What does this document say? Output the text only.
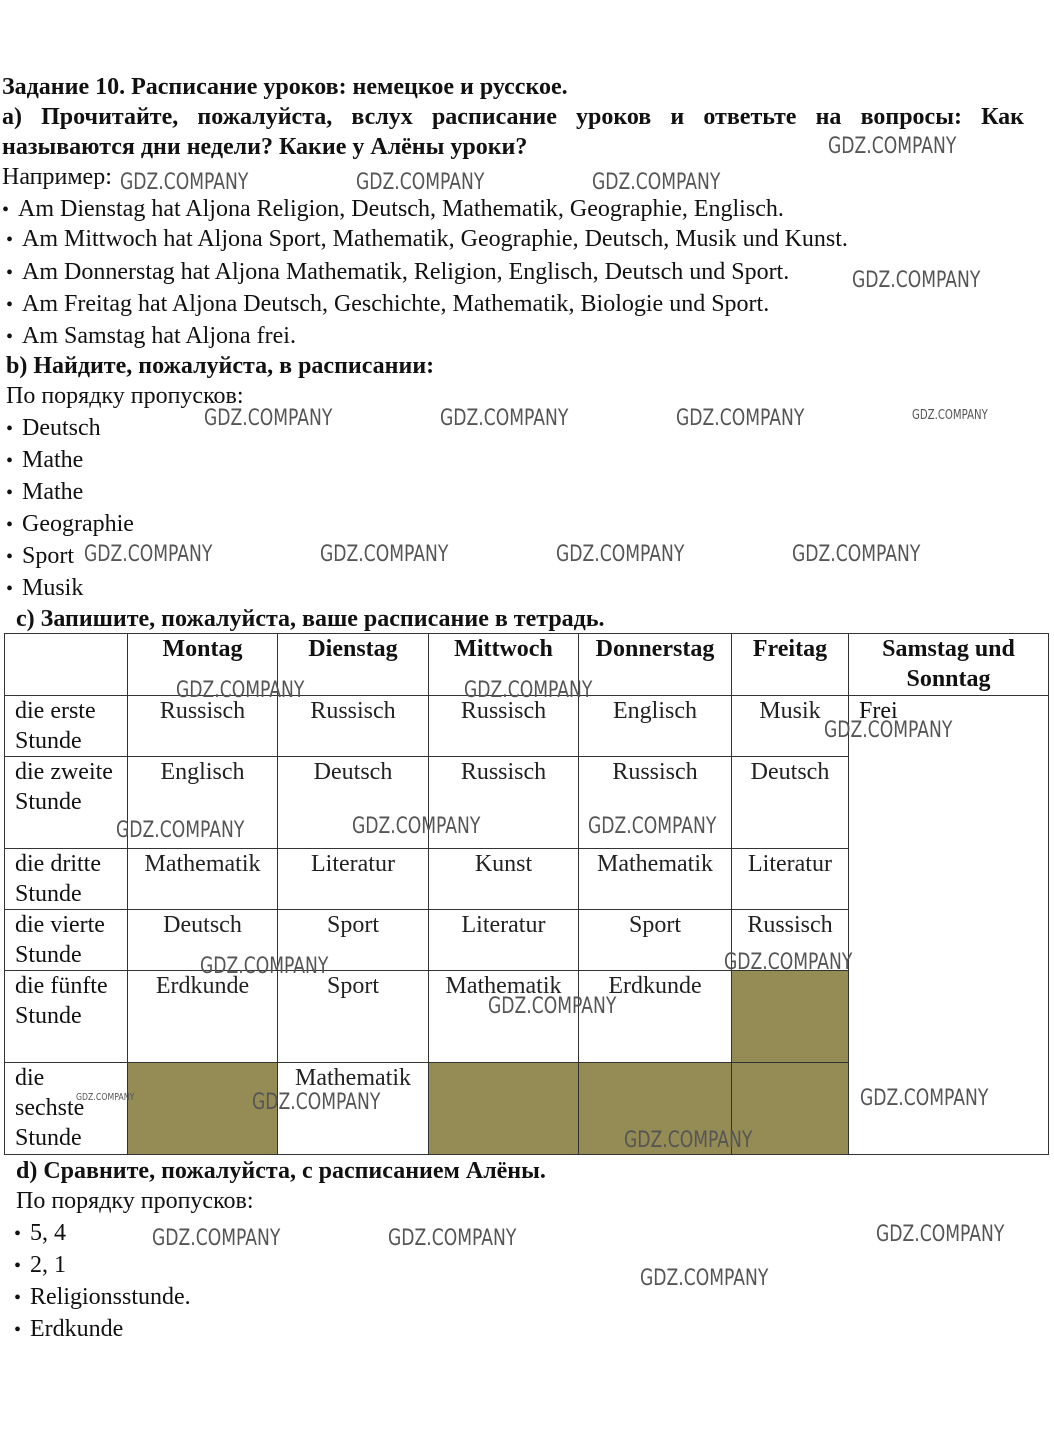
Задание 10. Расписание уроков: немецкое и русское.
а) Прочитайте, пожалуйста, вслух расписание уроков и ответьте на вопросы: Как
называются дни недели? Какие у Алёны уроки?
Например:
• Am Dienstag hat Aljona Religion, Deutsch, Mathematik, Geographie, Englisch.
• Am Mittwoch hat Aljona Sport, Mathematik, Geographie, Deutsch, Musik und Kunst.
• Am Donnerstag hat Aljona Mathematik, Religion, Englisch, Deutsch und Sport.
• Am Freitag hat Aljona Deutsch, Geschichte, Mathematik, Biologie und Sport.
• Am Samstag hat Aljona frei.
b) Найдите, пожалуйста, в расписании:
По порядку пропусков:
• Deutsch
• Mathe
• Mathe
• Geographie
• Sport
• Musik
c) Запишите, пожалуйста, ваше расписание в тетрадь.
	Montag	Dienstag	Mittwoch	Donnerstag	Freitag	Samstag und Sonntag
die erste Stunde	Russisch	Russisch	Russisch	Englisch	Musik	Frei
die zweite Stunde	Englisch	Deutsch	Russisch	Russisch	Deutsch	
die dritte Stunde	Mathematik	Literatur	Kunst	Mathematik	Literatur	
die vierte Stunde	Deutsch	Sport	Literatur	Sport	Russisch	
die fünfte Stunde	Erdkunde	Sport	Mathematik	Erdkunde		
die sechste Stunde		Mathematik				
d) Сравните, пожалуйста, с расписанием Алёны.
По порядку пропусков:
• 5, 4
• 2, 1
• Religionsstunde.
• Erdkunde
GDZ.COMPANY
GDZ.COMPANY	GDZ.COMPANY	GDZ.COMPANY
GDZ.COMPANY
GDZ.COMPANY	GDZ.COMPANY	GDZ.COMPANY	GDZ.COMPANY
GDZ.COMPANY	GDZ.COMPANY	GDZ.COMPANY	GDZ.COMPANY
GDZ.COMPANY	GDZ.COMPANY
GDZ.COMPANY
GDZ.COMPANY	GDZ.COMPANY	GDZ.COMPANY
GDZ.COMPANY	GDZ.COMPANY
GDZ.COMPANY
GDZ.COMPANY	GDZ.COMPANY	GDZ.COMPANY
GDZ.COMPANY
GDZ.COMPANY	GDZ.COMPANY	GDZ.COMPANY
GDZ.COMPANY
